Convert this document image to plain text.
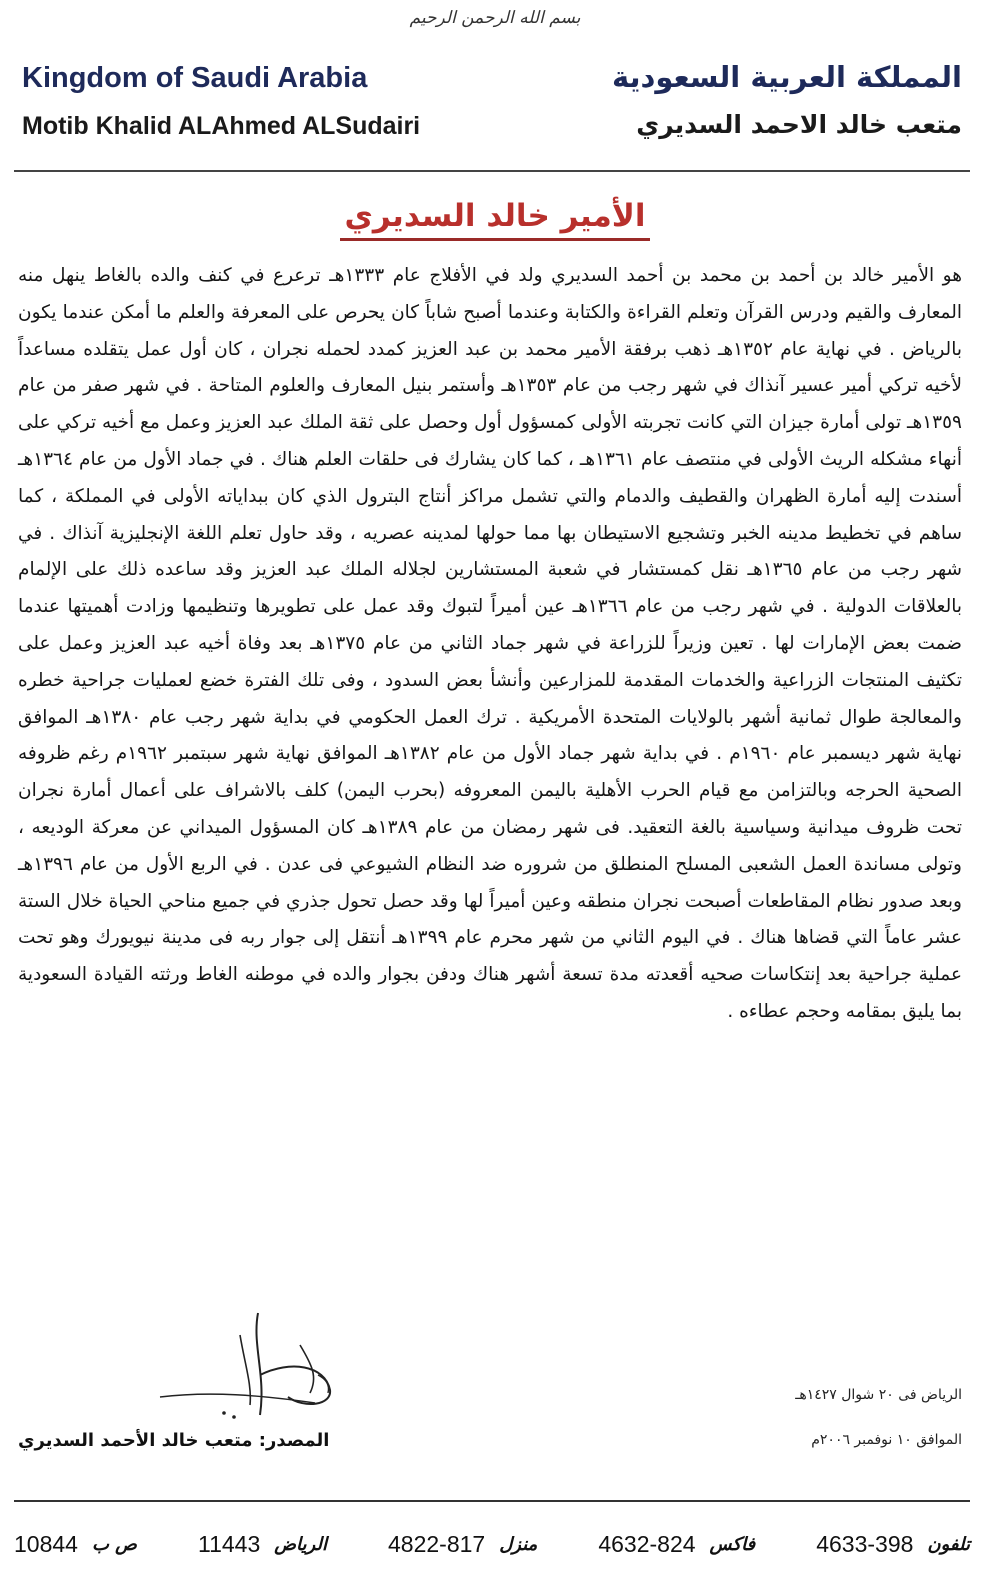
بسم الله الرحمن الرحيم
Kingdom of Saudi Arabia
Motib Khalid ALAhmed ALSudairi
المملكة العربية السعودية
متعب خالد الاحمد السديري
الأمير خالد السديري
هو الأمير خالد بن أحمد بن محمد بن أحمد السديري ولد في الأفلاج عام ١٣٣٣هـ ترعرع في كنف والده بالغاط ينهل منه المعارف والقيم ودرس القرآن وتعلم القراءة والكتابة وعندما أصبح شاباً كان يحرص على المعرفة والعلم ما أمكن عندما يكون بالرياض . في نهاية عام ١٣٥٢هـ ذهب برفقة الأمير محمد بن عبد العزيز كمدد لحمله نجران ، كان أول عمل يتقلده مساعداً لأخيه تركي أمير عسير آنذاك في شهر رجب من عام ١٣٥٣هـ وأستمر بنيل المعارف والعلوم المتاحة . في شهر صفر من عام ١٣٥٩هـ تولى أمارة جيزان التي كانت تجربته الأولى كمسؤول أول وحصل على ثقة الملك عبد العزيز وعمل مع أخيه تركي على أنهاء مشكله الريث الأولى في منتصف عام ١٣٦١هـ ، كما كان يشارك فى حلقات العلم هناك . في جماد الأول من عام ١٣٦٤هـ أسندت إليه أمارة الظهران والقطيف والدمام والتي تشمل مراكز أنتاج البترول الذي كان ببداياته الأولى في المملكة ، كما ساهم في تخطيط مدينه الخبر وتشجيع الاستيطان بها مما حولها لمدينه عصريه ، وقد حاول تعلم اللغة الإنجليزية آنذاك . في شهر رجب من عام ١٣٦٥هـ نقل كمستشار في شعبة المستشارين لجلاله الملك عبد العزيز وقد ساعده ذلك على الإلمام بالعلاقات الدولية . في شهر رجب من عام ١٣٦٦هـ عين أميراً لتبوك وقد عمل على تطويرها وتنظيمها وزادت أهميتها عندما ضمت بعض الإمارات لها . تعين وزيراً للزراعة في شهر جماد الثاني من عام ١٣٧٥هـ بعد وفاة أخيه عبد العزيز وعمل على تكثيف المنتجات الزراعية والخدمات المقدمة للمزارعين وأنشأ بعض السدود ، وفى تلك الفترة خضع لعمليات جراحية خطره والمعالجة طوال ثمانية أشهر بالولايات المتحدة الأمريكية . ترك العمل الحكومي في بداية شهر رجب عام ١٣٨٠هـ الموافق نهاية شهر ديسمبر عام ١٩٦٠م . في بداية شهر جماد الأول من عام ١٣٨٢هـ الموافق نهاية شهر سبتمبر ١٩٦٢م رغم ظروفه الصحية الحرجه وبالتزامن مع قيام الحرب الأهلية باليمن المعروفه (بحرب اليمن) كلف بالاشراف على أعمال أمارة نجران تحت ظروف ميدانية وسياسية بالغة التعقيد. فى شهر رمضان من عام ١٣٨٩هـ كان المسؤول الميداني عن معركة الوديعه ، وتولى مساندة العمل الشعبى المسلح المنطلق من شروره ضد النظام الشيوعي فى عدن . في الربع الأول من عام ١٣٩٦هـ وبعد صدور نظام المقاطعات أصبحت نجران منطقه وعين أميراً لها وقد حصل تحول جذري في جميع مناحي الحياة خلال الستة عشر عاماً التي قضاها هناك . في اليوم الثاني من شهر محرم عام ١٣٩٩هـ أنتقل إلى جوار ربه فى مدينة نيويورك وهو تحت عملية جراحية بعد إنتكاسات صحيه أقعدته مدة تسعة أشهر هناك ودفن بجوار والده في موطنه الغاط ورثته القيادة السعودية بما يليق بمقامه وحجم عطاءه .
الرياض فى ٢٠ شوال ١٤٢٧هـ
الموافق ١٠ نوفمبر ٢٠٠٦م
المصدر: متعب خالد الأحمد السديري
تلفون
4633-398
فاكس
4632-824
منزل
4822-817
الرياض
11443
ص ب
10844
